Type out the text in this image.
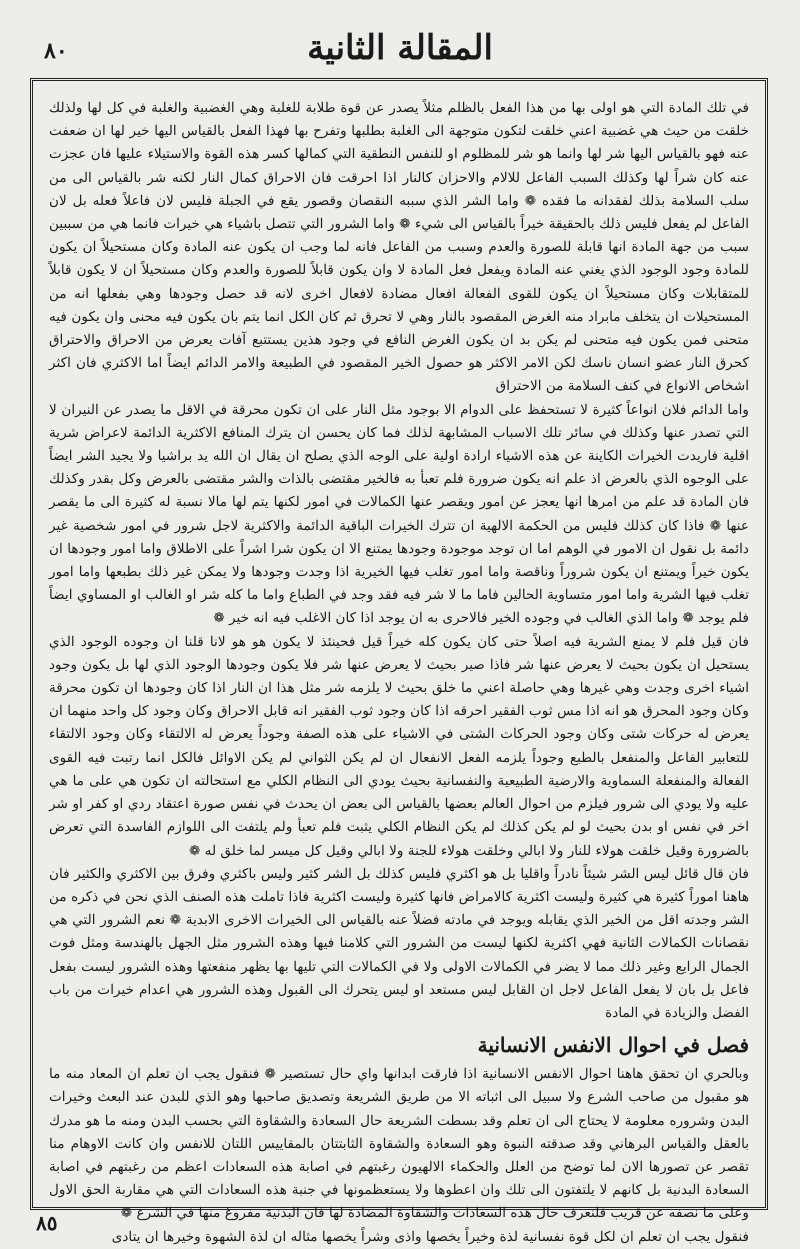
٨٠	المقالة الثانية

في تلك المادة التي هو اولى بها من هذا الفعل بالظلم مثلاً يصدر عن قوة طلابة للغلبة وهي الغضبية والغلبة في كل لها ولذلك خلقت من حيث هي غضبية اعني خلقت لتكون متوجهة الى الغلبة بطلبها وتفرح بها فهذا الفعل بالقياس اليها خير لها ان ضعفت عنه فهو بالقياس اليها شر لها وانما هو شر للمظلوم او للنفس النطقية التي كمالها كسر هذه القوة والاستيلاء عليها فان عجزت عنه كان شراً لها وكذلك السبب الفاعل للالام والاحزان كالنار اذا احرقت فان الاحراق كمال النار لكنه شر بالقياس الى من سلب السلامة بذلك لفقدانه ما فقده ❁ واما الشر الذي سببه النقصان وقصور يقع في الجبلة فليس لان فاعلاً فعله بل لان الفاعل لم يفعل فليس ذلك بالحقيقة خيراً بالقياس الى شيء ❁ واما الشرور التي تتصل باشياء هي خيرات فانما هي من سببين سبب من جهة المادة انها قابلة للصورة والعدم وسبب من الفاعل فانه لما وجب ان يكون عنه المادة وكان مستحيلاً ان يكون للمادة وجود الوجود الذي يغني عنه المادة ويفعل فعل المادة لا وان يكون قابلاً للصورة والعدم وكان مستحيلاً ان لا يكون قابلاً للمتقابلات وكان مستحيلاً ان يكون للقوى الفعالة افعال مضادة لافعال اخرى لانه قد حصل وجودها وهي بفعلها انه من المستحيلات ان يتخلف مابراد منه الغرض المقصود بالنار وهي لا تحرق ثم كان الكل انما يتم بان يكون فيه محنى وان يكون فيه متحنى فمن يكون فيه متحنى لم يكن بد ان يكون الغرض النافع في وجود هذين يستتبع آفات يعرض من الاحراق والاحتراق كحرق النار عضو انسان ناسك لكن الامر الاكثر هو حصول الخير المقصود في الطبيعة والامر الدائم ايضاً اما الاكثري فان اكثر اشخاص الانواع في كنف السلامة من الاحتراق

واما الدائم فلان انواعاً كثيرة لا تستحفظ على الدوام الا بوجود مثل النار على ان تكون محرقة في الاقل ما يصدر عن النيران لا التي تصدر عنها وكذلك في سائر تلك الاسباب المشابهة لذلك فما كان يحسن ان يترك المنافع الاكثرية الدائمة لاعراض شرية اقلية فاريدت الخيرات الكاينة عن هذه الاشياء ارادة اولية على الوجه الذي يصلح ان يقال ان الله يد براشيا ولا يجيد الشر ايضاً على الوجوه الذي بالعرض اذ علم انه يكون ضرورة فلم تعبأ به فالخير مقتضى بالذات والشر مقتضى بالعرض وكل بقدر وكذلك فان المادة قد علم من امرها انها يعجز عن امور ويقصر عنها الكمالات في امور لكنها يتم لها مالا نسبة له كثيرة الى ما يقصر عنها ❁ فاذا كان كذلك فليس من الحكمة الالهية ان تترك الخيرات الباقية الدائمة والاكثرية لاجل شرور في امور شخصية غير دائمة بل نقول ان الامور في الوهم اما ان توجد موجودة وجودها يمتنع الا ان يكون شرا اشراً على الاطلاق واما امور وجودها ان يكون خيراً ويمتنع ان يكون شروراً وناقصة واما امور تغلب فيها الخيرية اذا وجدت وجودها ولا يمكن غير ذلك بطبعها واما امور تغلب فيها الشرية واما امور متساوية الحالين فاما ما لا شر فيه فقد وجد في الطباع واما ما كله شر او الغالب او المساوي ايضاً فلم يوجد ❁ واما الذي الغالب في وجوده الخير فالاحرى به ان يوجد اذا كان الاغلب فيه انه خير ❁

فان قيل فلم لا يمنع الشرية فيه اصلاً حتى كان يكون كله خيراً قيل فحينئذ لا يكون هو هو لانا قلنا ان وجوده الوجود الذي يستحيل ان يكون بحيث لا يعرض عنها شر فاذا صير بحيث لا يعرض عنها شر فلا يكون وجودها الوجود الذي لها بل يكون وجود اشياء اخرى وجدت وهي غيرها وهي حاصلة اعني ما خلق بحيث لا يلزمه شر مثل هذا ان النار اذا كان وجودها ان تكون محرقة وكان وجود المحرق هو انه اذا مس ثوب الفقير احرقه اذا كان وجود ثوب الفقير انه قابل الاحراق وكان وجود كل واحد منهما ان يعرض له حركات شتى وكان وجود الحركات الشتى في الاشياء على هذه الصفة وجوداً يعرض له الالتقاء وكان وجود الالتقاء للتعابير الفاعل والمنفعل بالطبع وجوداً يلزمه الفعل الانفعال ان لم يكن الثواني لم يكن الاوائل فالكل انما رتبت فيه القوى الفعالة والمنفعلة السماوية والارضية الطبيعية والنفسانية بحيث يودي الى النظام الكلي مع استحالته ان تكون هي على ما هي عليه ولا يودي الى شرور فيلزم من احوال العالم بعضها بالقياس الى بعض ان يحدث في نفس صورة اعتقاد ردي او كفر او شر اخر في نفس او بدن بحيث لو لم يكن كذلك لم يكن النظام الكلي يثبت فلم تعبأ ولم يلتفت الى اللوازم الفاسدة التي تعرض بالضرورة وقيل خلقت هولاء للنار ولا ابالي وخلقت هولاء للجنة ولا ابالي وقيل كل ميسر لما خلق له ❁

فان قال قائل ليس الشر شيئاً نادراً واقليا بل هو اكثري فليس كذلك بل الشر كثير وليس باكثري وفرق بين الاكثري والكثير فان هاهنا اموراً كثيرة هي كثيرة وليست اكثرية كالامراض فانها كثيرة وليست اكثرية فاذا تاملت هذه الصنف الذي نحن في ذكره من الشر وجدته اقل من الخير الذي يقابله ويوجد في مادته فضلاً عنه بالقياس الى الخيرات الاخرى الابدية ❁ نعم الشرور التي هي نقصانات الكمالات الثانية فهي اكثرية لكنها ليست من الشرور التي كلامنا فيها وهذه الشرور مثل الجهل بالهندسة ومثل فوت الجمال الرايع وغير ذلك مما لا يضر في الكمالات الاولى ولا في الكمالات التي تليها بها يظهر منفعتها وهذه الشرور ليست بفعل فاعل بل بان لا يفعل الفاعل لاجل ان القابل ليس مستعد او ليس يتحرك الى القبول وهذه الشرور هي اعدام خيرات من باب الفضل والزيادة في المادة

فصل في احوال الانفس الانسانية

وبالحري ان تحقق هاهنا احوال الانفس الانسانية اذا فارقت ابدانها واي حال تستصير ❁ فنقول يجب ان تعلم ان المعاد منه ما هو مقبول من صاحب الشرع ولا سبيل الى اثباته الا من طريق الشريعة وتصديق صاحبها وهو الذي للبدن عند البعث وخيرات البدن وشروره معلومة لا يحتاج الى ان تعلم وقد بسطت الشريعة حال السعادة والشقاوة التي بحسب البدن ومنه ما هو مدرك بالعقل والقياس البرهاني وقد صدقته النبوة وهو السعادة والشقاوة الثابتتان بالمقاييس اللتان للانفس وان كانت الاوهام منا تقصر عن تصورها الان لما توضح من العلل والحكماء الالهيون رغبتهم في اصابة هذه السعادات اعظم من رغبتهم في اصابة السعادة البدنية بل كانهم لا يلتفتون الى تلك وان اعطوها ولا يستعظمونها في جنبة هذه السعادات التي هي مقاربة الحق الاول وعلى ما نصفه عن قريب فلنعرف حال هذه السعادات والشقاوة المضادة لها فان البدنية مفروغ منها في الشرع ❁

فنقول يجب ان تعلم ان لكل قوة نفسانية لذة وخيراً يخصها واذى وشراً يخصها مثاله ان لذة الشهوة وخيرها ان يتادى

٨٥
